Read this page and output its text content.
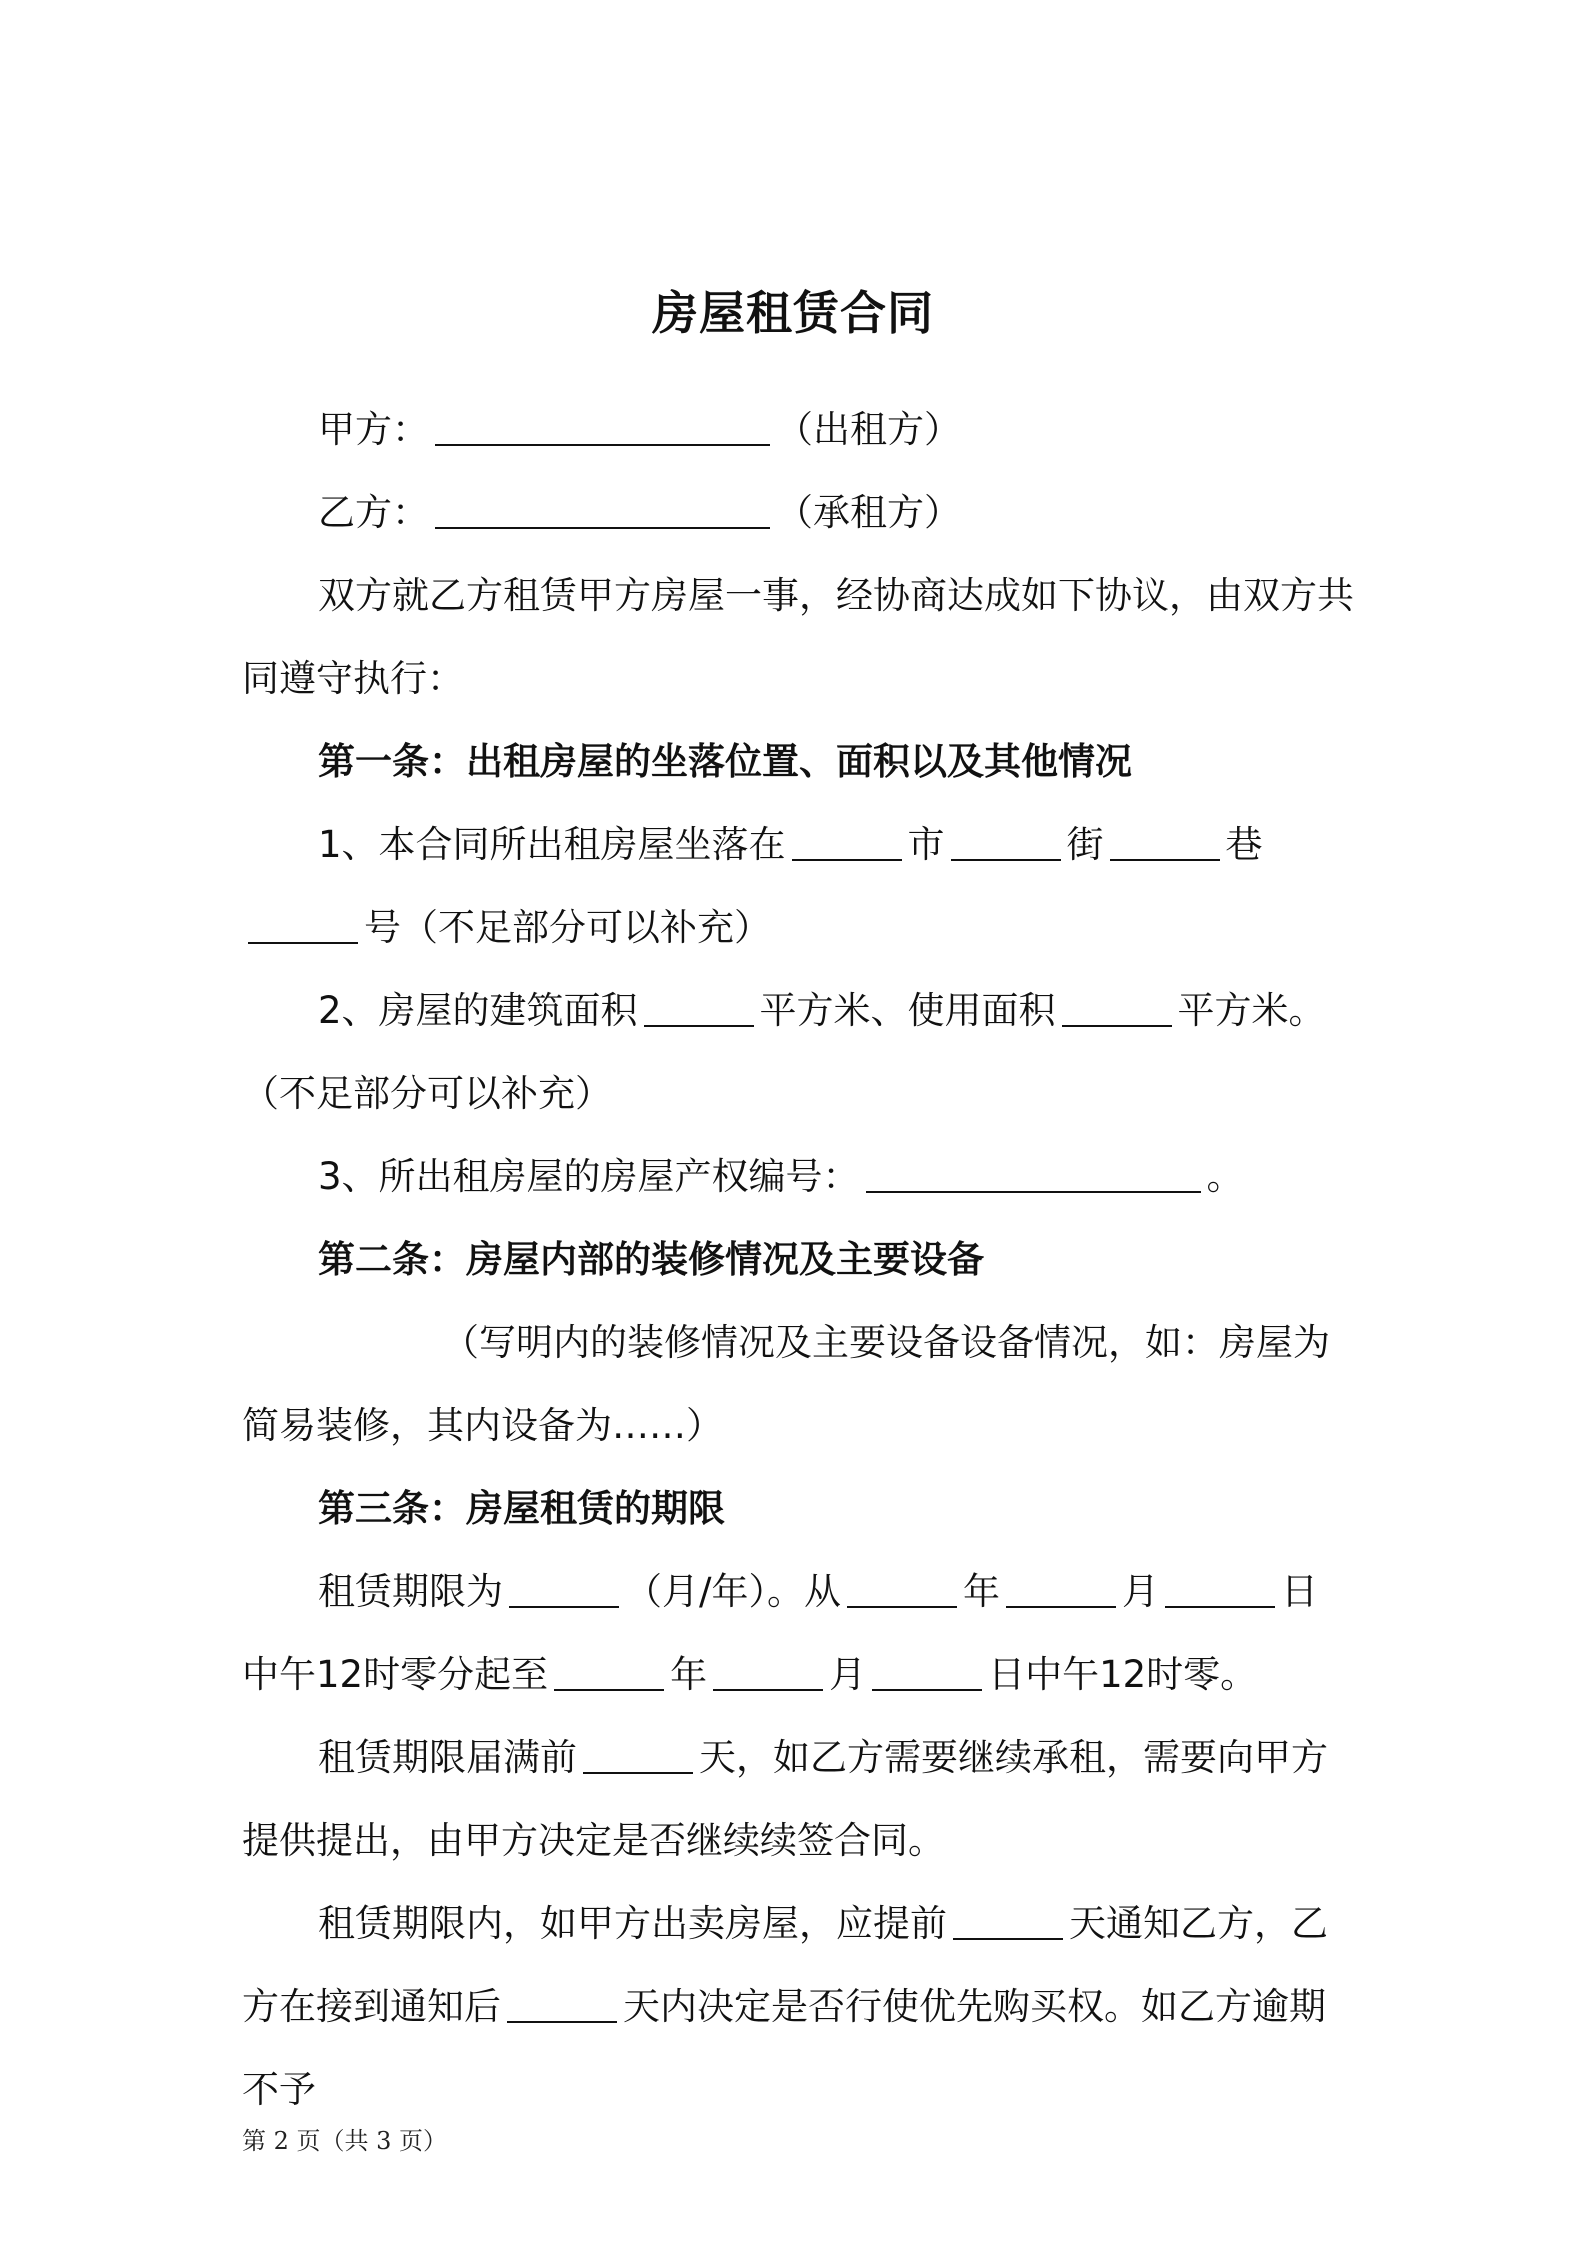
房屋租赁合同

甲方：	（出租方）

乙方：	（承租方）

双方就乙方租赁甲方房屋一事，经协商达成如下协议，由双方共同遵守执行：

第一条：出租房屋的坐落位置、面积以及其他情况

1、本合同所出租房屋坐落在	市	街	巷号（不足部分可以补充）

2、房屋的建筑面积	平方米、使用面积	平方米。（不足部分可以补充）

3、所出租房屋的房屋产权编号：	。

第二条：房屋内部的装修情况及主要设备

（写明内的装修情况及主要设备设备情况，如：房屋为简易装修，其内设备为……）

第三条：房屋租赁的期限

租赁期限为	（月/年）。从	年	月	日中午12时零分起至	年	月	日中午12时零。

租赁期限届满前	天，如乙方需要继续承租，需要向甲方提供提出，由甲方决定是否继续续签合同。

租赁期限内，如甲方出卖房屋，应提前	天通知乙方，乙方在接到通知后	天内决定是否行使优先购买权。如乙方逾期不予

第 2 页（共 3 页）
